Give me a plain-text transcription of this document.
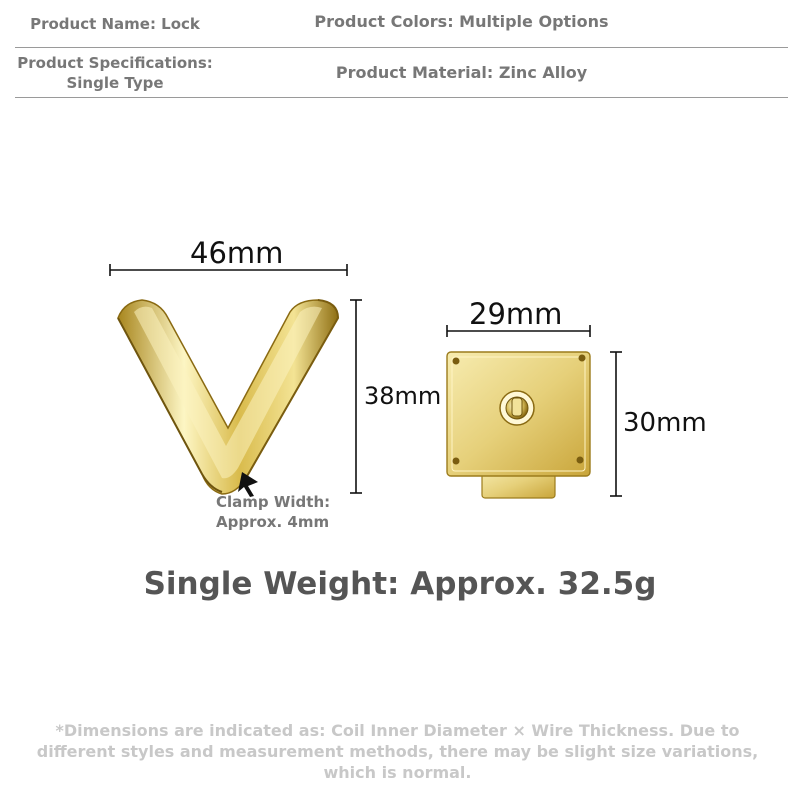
Product Name: Lock	Product Colors: Multiple Options
Product Specifications: Single Type
Product Material: Zinc Alloy
46mm
38mm
29mm
30mm
Clamp Width:
Approx. 4mm
Single Weight: Approx. 32.5g
*Dimensions are indicated as: Coil Inner Diameter × Wire Thickness. Due to different styles and measurement methods, there may be slight size variations, which is normal.
